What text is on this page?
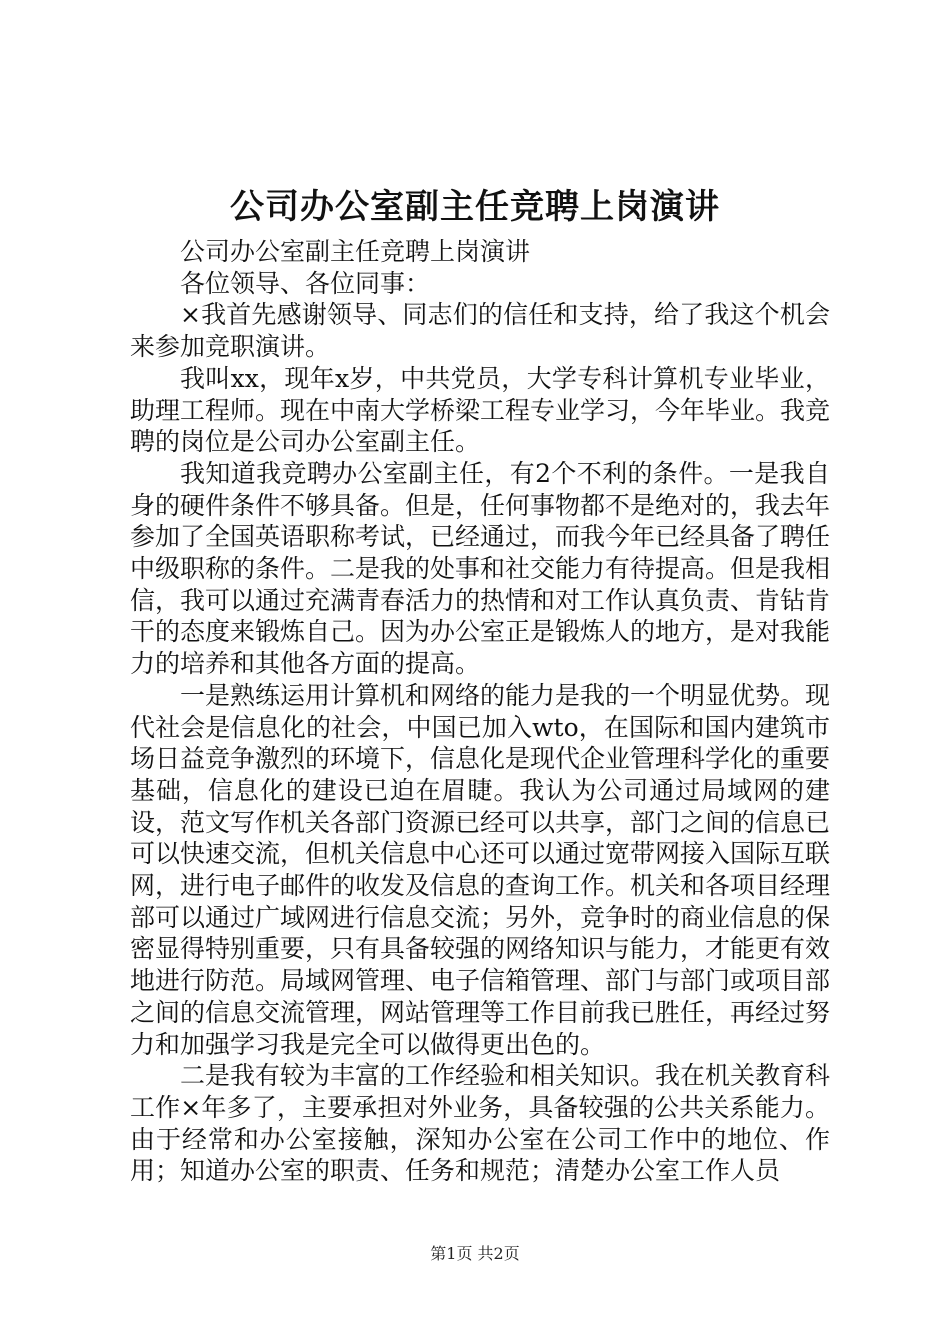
公司办公室副主任竞聘上岗演讲

公司办公室副主任竞聘上岗演讲

各位领导、各位同事：

×我首先感谢领导、同志们的信任和支持，给了我这个机会来参加竞职演讲。

我叫xx，现年x岁，中共党员，大学专科计算机专业毕业，助理工程师。现在中南大学桥梁工程专业学习，今年毕业。我竞聘的岗位是公司办公室副主任。

我知道我竞聘办公室副主任，有2个不利的条件。一是我自身的硬件条件不够具备。但是，任何事物都不是绝对的，我去年参加了全国英语职称考试，已经通过，而我今年已经具备了聘任中级职称的条件。二是我的处事和社交能力有待提高。但是我相信，我可以通过充满青春活力的热情和对工作认真负责、肯钻肯干的态度来锻炼自己。因为办公室正是锻炼人的地方，是对我能力的培养和其他各方面的提高。

一是熟练运用计算机和网络的能力是我的一个明显优势。现代社会是信息化的社会，中国已加入wto，在国际和国内建筑市场日益竞争激烈的环境下，信息化是现代企业管理科学化的重要基础，信息化的建设已迫在眉睫。我认为公司通过局域网的建设，范文写作机关各部门资源已经可以共享，部门之间的信息已可以快速交流，但机关信息中心还可以通过宽带网接入国际互联网，进行电子邮件的收发及信息的查询工作。机关和各项目经理部可以通过广域网进行信息交流；另外，竞争时的商业信息的保密显得特别重要，只有具备较强的网络知识与能力，才能更有效地进行防范。局域网管理、电子信箱管理、部门与部门或项目部之间的信息交流管理，网站管理等工作目前我已胜任，再经过努力和加强学习我是完全可以做得更出色的。

二是我有较为丰富的工作经验和相关知识。我在机关教育科工作×年多了，主要承担对外业务，具备较强的公共关系能力。由于经常和办公室接触，深知办公室在公司工作中的地位、作用；知道办公室的职责、任务和规范；清楚办公室工作人员

第1页 共2页
